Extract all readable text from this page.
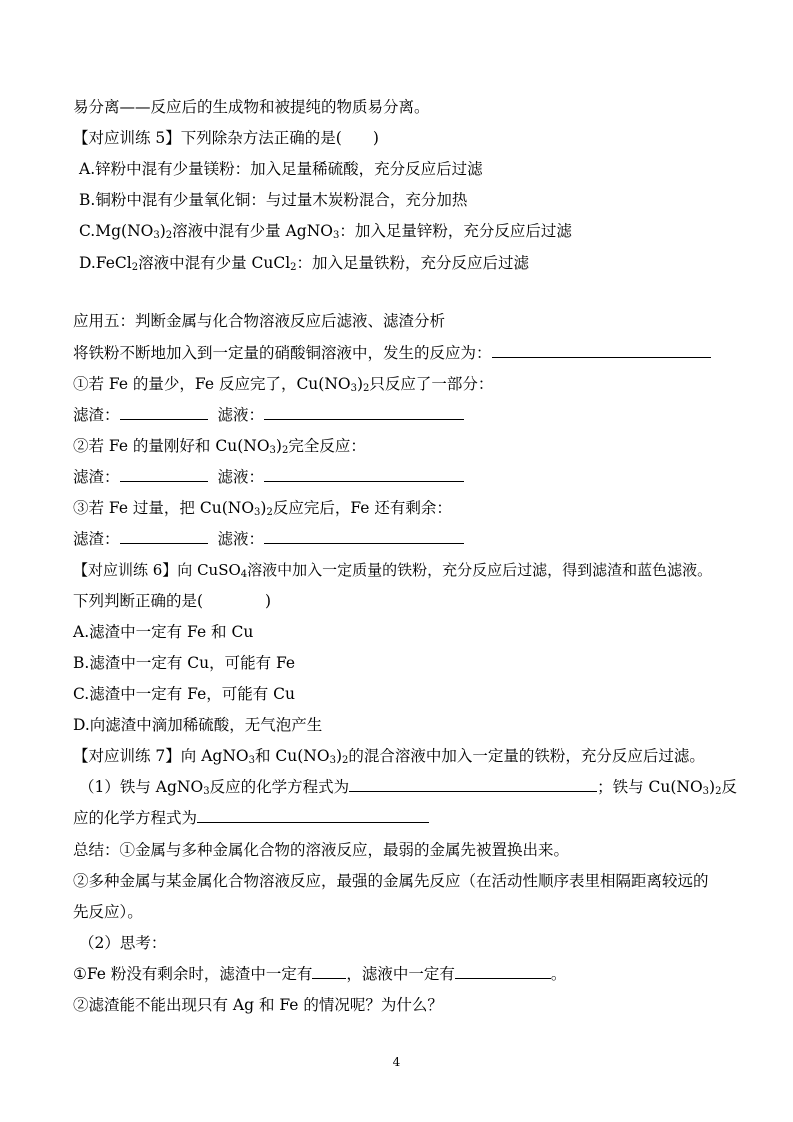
易分离——反应后的生成物和被提纯的物质易分离。
【对应训练 5】下列除杂方法正确的是(　　)
A.锌粉中混有少量镁粉：加入足量稀硫酸，充分反应后过滤
B.铜粉中混有少量氧化铜：与过量木炭粉混合，充分加热
$C.Mg(NO_3)_2$溶液中混有少量 AgNO$_3$：加入足量锌粉，充分反应后过滤
D.FeCl$_2$溶液中混有少量 CuCl$_2$：加入足量铁粉，充分反应后过滤
应用五：判断金属与化合物溶液反应后滤液、滤渣分析
将铁粉不断地加入到一定量的硝酸铜溶液中，发生的反应为：
①若 Fe 的量少，Fe 反应完了，$Cu(NO_3)_2$只反应了一部分：
滤渣：	滤液：
②若 Fe 的量刚好和 $Cu(NO_3)_2$完全反应：
滤渣：	滤液：
③若 Fe 过量，把 $Cu(NO_3)_2$反应完后，Fe 还有剩余：
滤渣：	滤液：
【对应训练 6】向 CuSO$_4$溶液中加入一定质量的铁粉，充分反应后过滤，得到滤渣和蓝色滤液。
下列判断正确的是(　　　　)
A.滤渣中一定有 Fe 和 Cu
B.滤渣中一定有 Cu，可能有 Fe
C.滤渣中一定有 Fe，可能有 Cu
D.向滤渣中滴加稀硫酸，无气泡产生
【对应训练 7】向 AgNO$_3$和 $Cu(NO_3)_2$的混合溶液中加入一定量的铁粉，充分反应后过滤。
（1）铁与 AgNO$_3$反应的化学方程式为	；铁与 $Cu(NO_3)_2$反
应的化学方程式为
总结：①金属与多种金属化合物的溶液反应，最弱的金属先被置换出来。
②多种金属与某金属化合物溶液反应，最强的金属先反应（在活动性顺序表里相隔距离较远的
先反应）。
（2）思考：
①Fe 粉没有剩余时，滤渣中一定有 ，滤液中一定有	。
②滤渣能不能出现只有 Ag 和 Fe 的情况呢？为什么？
4
